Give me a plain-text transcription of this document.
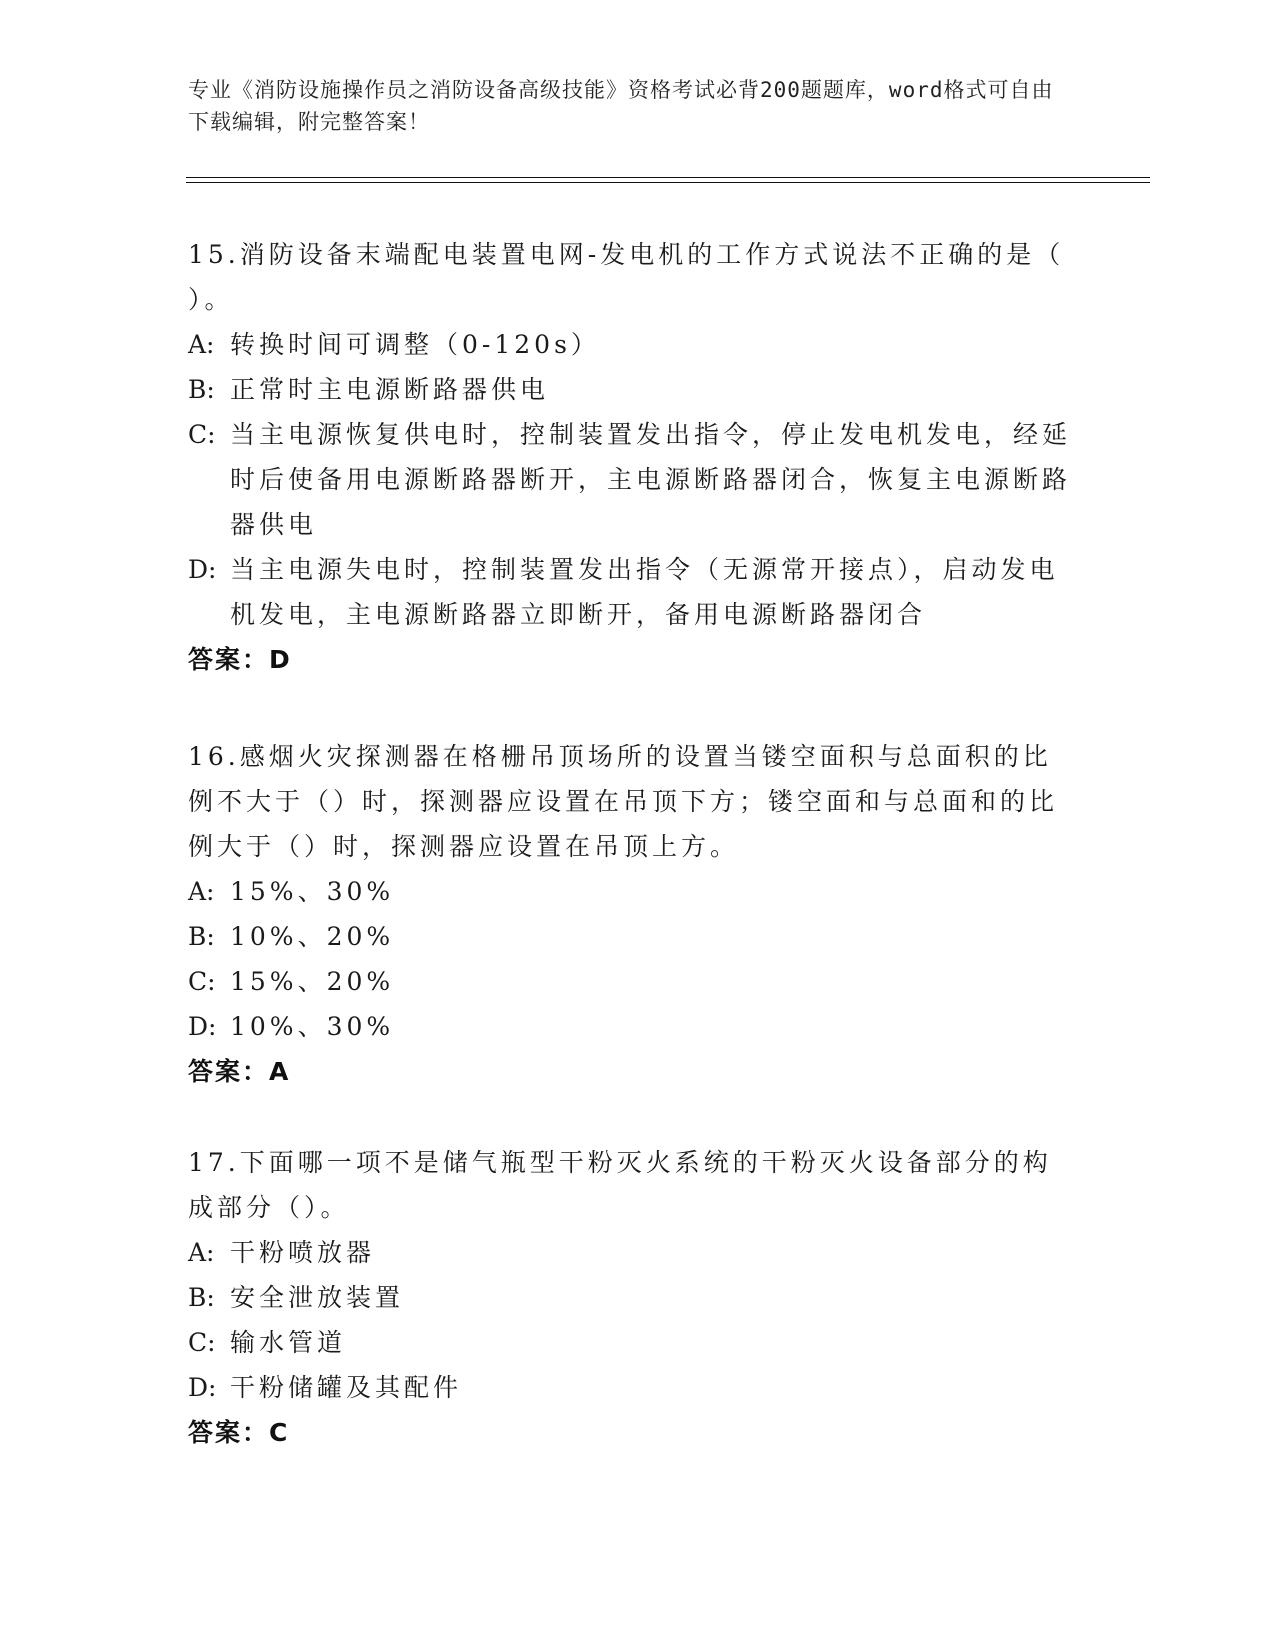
专业《消防设施操作员之消防设备高级技能》资格考试必背200题题库，word格式可自由下载编辑，附完整答案！

15.消防设备末端配电装置电网-发电机的工作方式说法不正确的是（ ）。

A: 转换时间可调整（0-120s）
B: 正常时主电源断路器供电
C: 当主电源恢复供电时，控制装置发出指令，停止发电机发电，经延时后使备用电源断路器断开，主电源断路器闭合，恢复主电源断路器供电
D: 当主电源失电时，控制装置发出指令（无源常开接点），启动发电机发电，主电源断路器立即断开，备用电源断路器闭合

答案：D

16.感烟火灾探测器在格栅吊顶场所的设置当镂空面积与总面积的比例不大于（）时，探测器应设置在吊顶下方；镂空面和与总面和的比例大于（）时，探测器应设置在吊顶上方。

A: 15%、30%
B: 10%、20%
C: 15%、20%
D: 10%、30%

答案：A

17.下面哪一项不是储气瓶型干粉灭火系统的干粉灭火设备部分的构成部分（）。

A: 干粉喷放器
B: 安全泄放装置
C: 输水管道
D: 干粉储罐及其配件

答案：C
